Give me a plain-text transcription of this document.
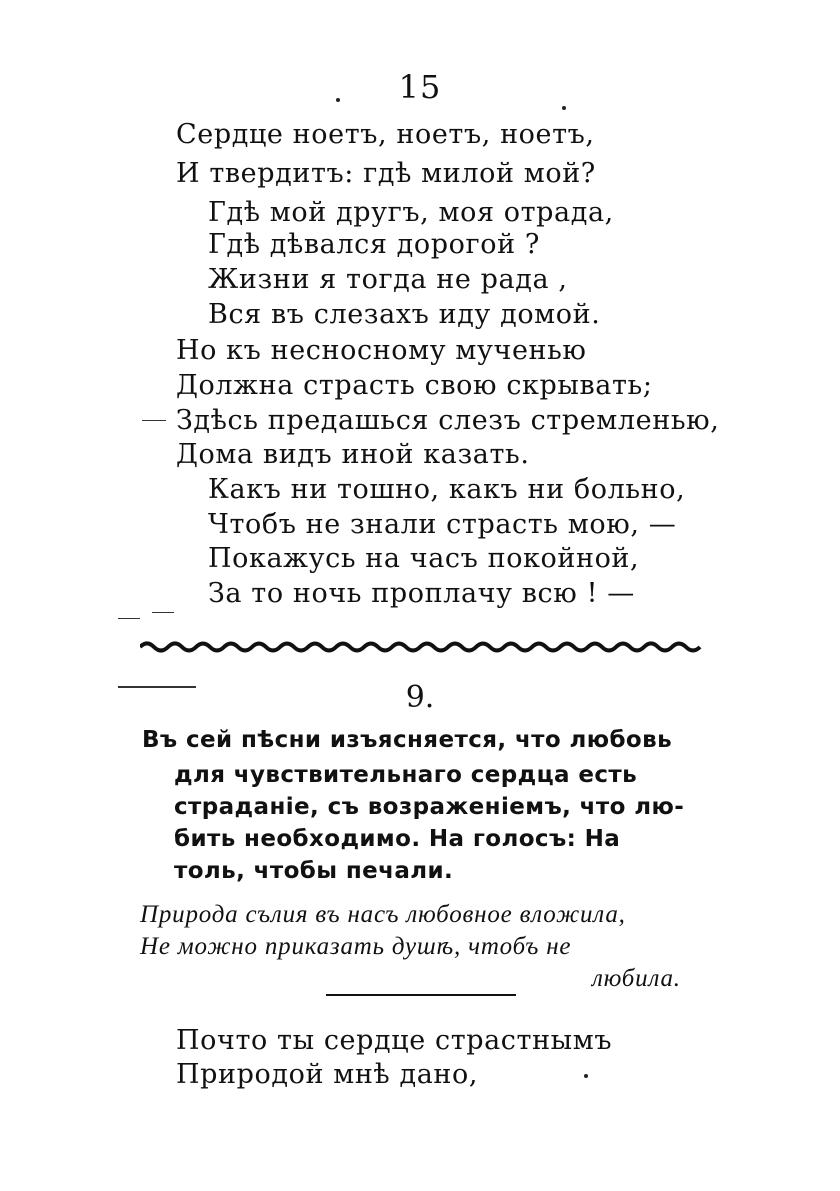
15
Сердце ноетъ, ноетъ, ноетъ,
И твердитъ: гдѣ милой мой?
Гдѣ мой другъ, моя отрада,
Гдѣ дѣвался дорогой ?
Жизни я тогда не рада ,
Вся въ слезахъ иду домой.
Но къ несносному мученью
Должна страсть свою скрывать;
Здѣсь предашься слезъ стремленью,
Дома видъ иной казать.
Какъ ни тошно, какъ ни больно,
Чтобъ не знали страсть мою, —
Покажусь на часъ покойной,
За то ночь проплачу всю ! —
9.
Въ сей пѣсни изъясняется, что любовь
для чувствительнаго сердца есть
страданіе, съ возраженіемъ, что лю-
бить необходимо. На голосъ: На
толь, чтобы печали.
Природа сълия въ насъ любовное вложила,
Не можно приказать душѣ, чтобъ не
любила.
Почто ты сердце страстнымъ
Природой мнѣ дано,
